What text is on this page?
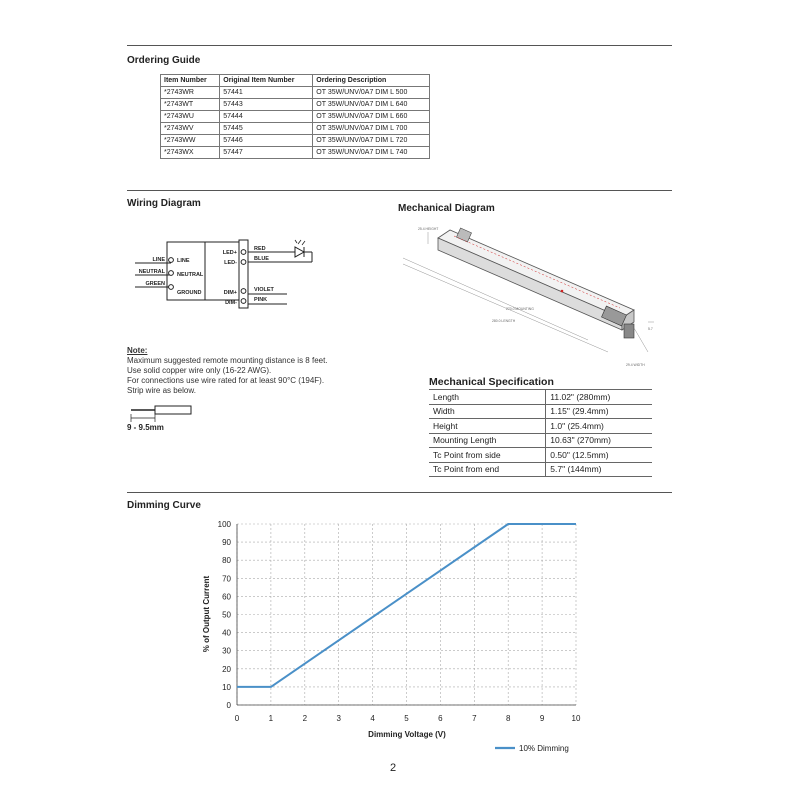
Ordering Guide
Item Number	Original Item Number	Ordering Description
*2743WR	57441	OT 35W/UNV/0A7 DIM L 500
*2743WT	57443	OT 35W/UNV/0A7 DIM L 640
*2743WU	57444	OT 35W/UNV/0A7 DIM L 660
*2743WV	57445	OT 35W/UNV/0A7 DIM L 700
*2743WW	57446	OT 35W/UNV/0A7 DIM L 720
*2743WX	57447	OT 35W/UNV/0A7 DIM L 740
Wiring Diagram
LINE
NEUTRAL
GREEN
LINE
NEUTRAL
GROUND
LED+
LED-
DIM+
DIM-
RED
BLUE
VIOLET
PINK
Note:
Maximum suggested remote mounting distance is 8 feet.
Use solid copper wire only (16-22 AWG).
For connections use wire rated for at least 90°C (194F).
Strip wire as below.
9 - 9.5mm
Mechanical Diagram
25.4 HEIGHT
270.0 MOUNTING
280.0 LENGTH
29.4 WIDTH
5.7
Mechanical Specification
Length	11.02" (280mm)
Width	1.15" (29.4mm)
Height	1.0" (25.4mm)
Mounting Length	10.63" (270mm)
Tc Point from side	0.50" (12.5mm)
Tc Point from end	5.7" (144mm)
Dimming Curve
0	1	2	3	4	5	6	7	8	9	10
0
10
20
30
40
50
60
70
80
90
100
Dimming Voltage (V)
% of Output Current
10% Dimming
2
